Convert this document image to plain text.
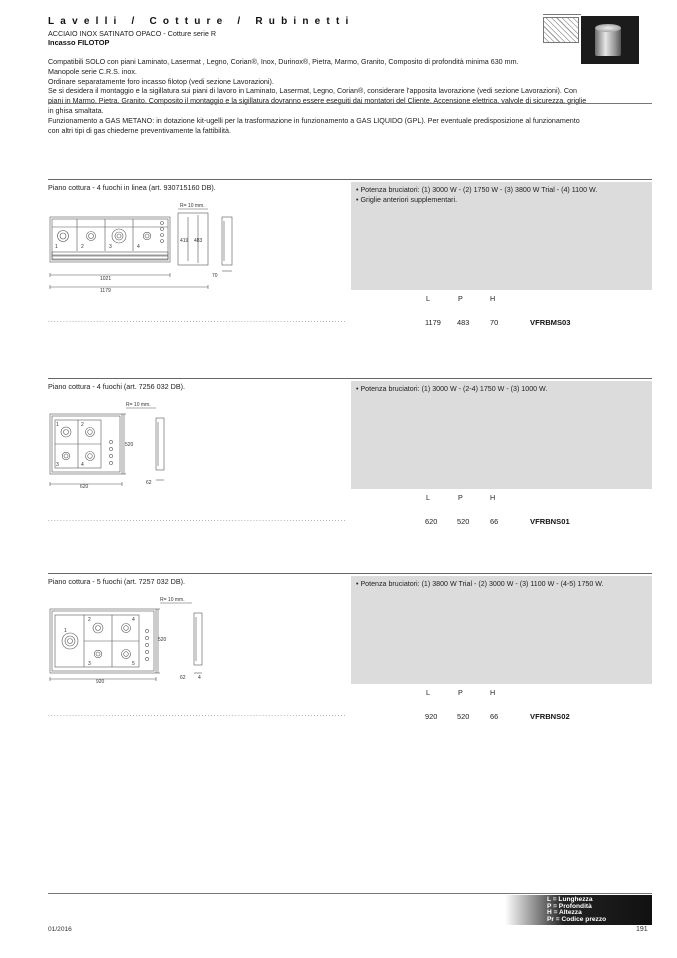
Lavelli / Cotture / Rubinetti
ACCIAIO INOX SATINATO OPACO - Cotture serie R
Incasso FILOTOP

Compatibili SOLO con piani Laminato, Lasermat , Legno, Corian®, Inox, Durinox®, Pietra, Marmo, Granito, Composito di profondità minima 630 mm.

Manopole serie C.R.S. inox.

Ordinare separatamente foro incasso filotop (vedi sezione Lavorazioni).

Se si desidera il montaggio e la sigillatura sui piani di lavoro in Laminato, Lasermat, Legno, Corian®, considerare l'apposita lavorazione (vedi sezione Lavorazioni). Con piani in Marmo, Pietra, Granito, Composito il montaggio e la sigillatura dovranno essere eseguiti dai montatori del Cliente. Accensione elettrica, valvole di sicurezza, griglie in ghisa smaltata.

Funzionamento a GAS METANO: in dotazione kit-ugelli per la trasformazione in funzionamento a GAS LIQUIDO (GPL). Per eventuale predisposizione al funzionamento con altri tipi di gas chiederne preventivamente la fattibilità.

Piano cottura - 4 fuochi in linea (art. 930715160 DB).	• Potenza bruciatori: (1) 3000 W - (2) 1750 W - (3) 3800 W Trial - (4) 1100 W.
• Griglie anteriori supplementari.
R= 10 mm.
419 483
1021
1179
70
1	2	3	4
L	P	H
...................................................................................................	1179 483	70	VFRBMS03
Piano cottura - 4 fuochi (art. 7256 032 DB).	• Potenza bruciatori: (1) 3000 W - (2-4) 1750 W - (3) 1000 W.
R= 10 mm.
520
620
62
1	2
3	4
L	P	H
...................................................................................................	620	520	66	VFRBNS01
Piano cottura - 5 fuochi (art. 7257 032 DB).	• Potenza bruciatori: (1) 3800 W Trial - (2) 3000 W - (3) 1100 W - (4-5) 1750 W.
R= 10 mm.
520
920
62 4
1
2
3
4
5
L	P	H
...................................................................................................	920	520	66	VFRBNS02
L = Lunghezza
P = Profondità
H = Altezza
Pr = Codice prezzo
01/2016	191
